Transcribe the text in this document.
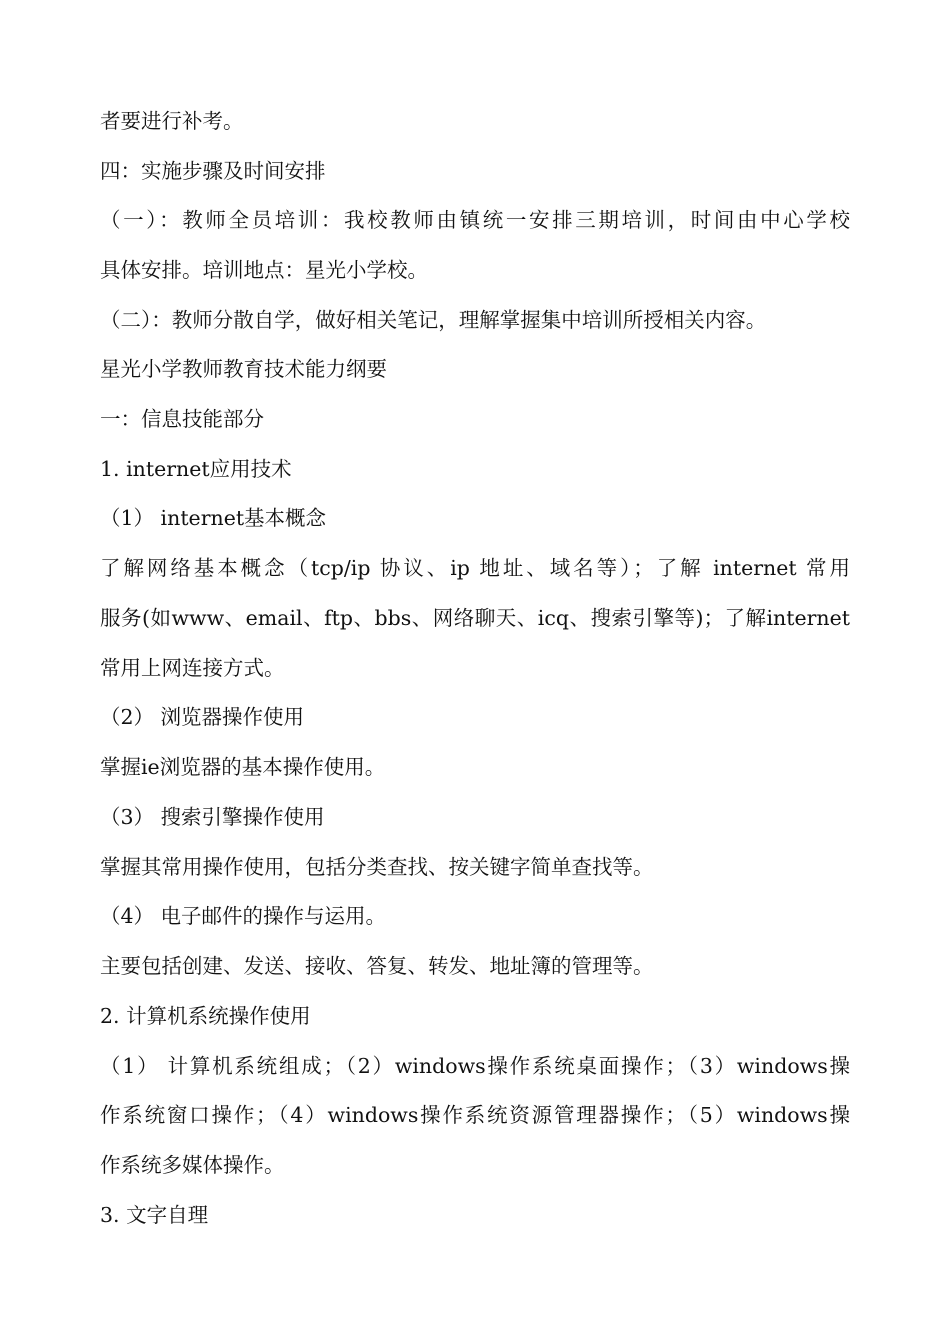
者要进行补考。
四：实施步骤及时间安排
（一）：教师全员培训：我校教师由镇统一安排三期培训，时间由中心学校
具体安排。培训地点：星光小学校。
（二）：教师分散自学，做好相关笔记，理解掌握集中培训所授相关内容。
星光小学教师教育技术能力纲要
一：信息技能部分
1. internet应用技术
（1） internet基本概念
了解网络基本概念（tcp/ip 协议、ip 地址、域名等）；了解 internet 常用
服务(如www、email、ftp、bbs、网络聊天、icq、搜索引擎等)；了解internet
常用上网连接方式。
（2） 浏览器操作使用
掌握ie浏览器的基本操作使用。
（3） 搜索引擎操作使用
掌握其常用操作使用，包括分类查找、按关键字简单查找等。
（4） 电子邮件的操作与运用。
主要包括创建、发送、接收、答复、转发、地址簿的管理等。
2. 计算机系统操作使用
（1） 计算机系统组成；（2）windows操作系统桌面操作；（3）windows操
作系统窗口操作；（4）windows操作系统资源管理器操作；（5）windows操
作系统多媒体操作。
3. 文字自理
